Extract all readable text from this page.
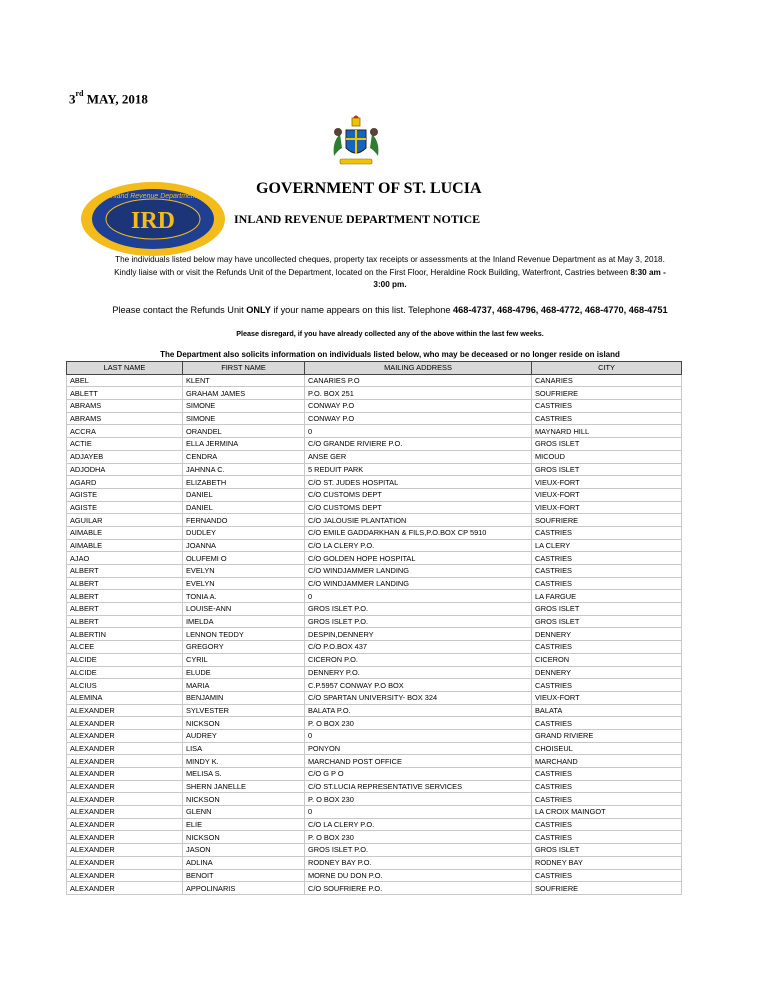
3rd MAY, 2018
IRD
Inland Revenue Department	GOVERNMENT OF ST. LUCIA
INLAND REVENUE DEPARTMENT NOTICE
The individuals listed below may have uncollected cheques, property tax receipts or assessments at the Inland Revenue Department as at May 3, 2018.
Kindly liaise with or visit the Refunds Unit of the Department, located on the First Floor, Heraldine Rock Building, Waterfront, Castries between 8:30 am -
3:00 pm.
Please contact the Refunds Unit ONLY if your name appears on this list. Telephone 468-4737, 468-4796, 468-4772, 468-4770, 468-4751
Please disregard, if you have already collected any of the above within the last few weeks.
The Department also solicits information on individuals listed below, who may be deceased or no longer reside on island
LAST NAME	FIRST NAME	MAILING ADDRESS	CITY
ABEL	KLENT	CANARIES P.O	CANARIES
ABLETT	GRAHAM JAMES	P.O. BOX 251	SOUFRIERE
ABRAMS	SIMONE	CONWAY P.O	CASTRIES
ABRAMS	SIMONE	CONWAY P.O	CASTRIES
ACCRA	ORANDEL	0	MAYNARD HILL
ACTIE	ELLA JERMINA	C/O GRANDE RIVIERE P.O.	GROS ISLET
ADJAYEB	CENDRA	ANSE GER	MICOUD
ADJODHA	JAHNNA C.	5 REDUIT PARK	GROS ISLET
AGARD	ELIZABETH	C/O ST. JUDES HOSPITAL	VIEUX-FORT
AGISTE	DANIEL	C/O CUSTOMS DEPT	VIEUX-FORT
AGISTE	DANIEL	C/O CUSTOMS DEPT	VIEUX-FORT
AGUILAR	FERNANDO	C/O JALOUSIE PLANTATION	SOUFRIERE
AIMABLE	DUDLEY	C/O EMILE GADDARKHAN & FILS,P.O.BOX CP 5910	CASTRIES
AIMABLE	JOANNA	C/O LA CLERY P.O.	LA CLERY
AJAO	OLUFEMI O	C/O GOLDEN HOPE HOSPITAL	CASTRIES
ALBERT	EVELYN	C/O WINDJAMMER LANDING	CASTRIES
ALBERT	EVELYN	C/O WINDJAMMER LANDING	CASTRIES
ALBERT	TONIA A.	0	LA FARGUE
ALBERT	LOUISE-ANN	GROS ISLET P.O.	GROS ISLET
ALBERT	IMELDA	GROS ISLET P.O.	GROS ISLET
ALBERTIN	LENNON TEDDY	DESPIN,DENNERY	DENNERY
ALCEE	GREGORY	C/O P.O.BOX 437	CASTRIES
ALCIDE	CYRIL	CICERON P.O.	CICERON
ALCIDE	ELUDE	DENNERY P.O.	DENNERY
ALCIUS	MARIA	C.P.5957 CONWAY P.O BOX	CASTRIES
ALEMINA	BENJAMIN	C/O SPARTAN UNIVERSITY- BOX 324	VIEUX-FORT
ALEXANDER	SYLVESTER	BALATA P.O.	BALATA
ALEXANDER	NICKSON	P. O BOX 230	CASTRIES
ALEXANDER	AUDREY	0	GRAND RIVIERE
ALEXANDER	LISA	PONYON	CHOISEUL
ALEXANDER	MINDY K.	MARCHAND POST OFFICE	MARCHAND
ALEXANDER	MELISA S.	C/O G P O	CASTRIES
ALEXANDER	SHERN JANELLE	C/O ST.LUCIA REPRESENTATIVE SERVICES	CASTRIES
ALEXANDER	NICKSON	P. O BOX 230	CASTRIES
ALEXANDER	GLENN	0	LA CROIX MAINGOT
ALEXANDER	ELIE	C/O LA CLERY P.O.	CASTRIES
ALEXANDER	NICKSON	P. O BOX 230	CASTRIES
ALEXANDER	JASON	GROS ISLET P.O.	GROS ISLET
ALEXANDER	ADLINA	RODNEY BAY P.O.	RODNEY BAY
ALEXANDER	BENOIT	MORNE DU DON P.O.	CASTRIES
ALEXANDER	APPOLINARIS	C/O SOUFRIERE P.O.	SOUFRIERE
